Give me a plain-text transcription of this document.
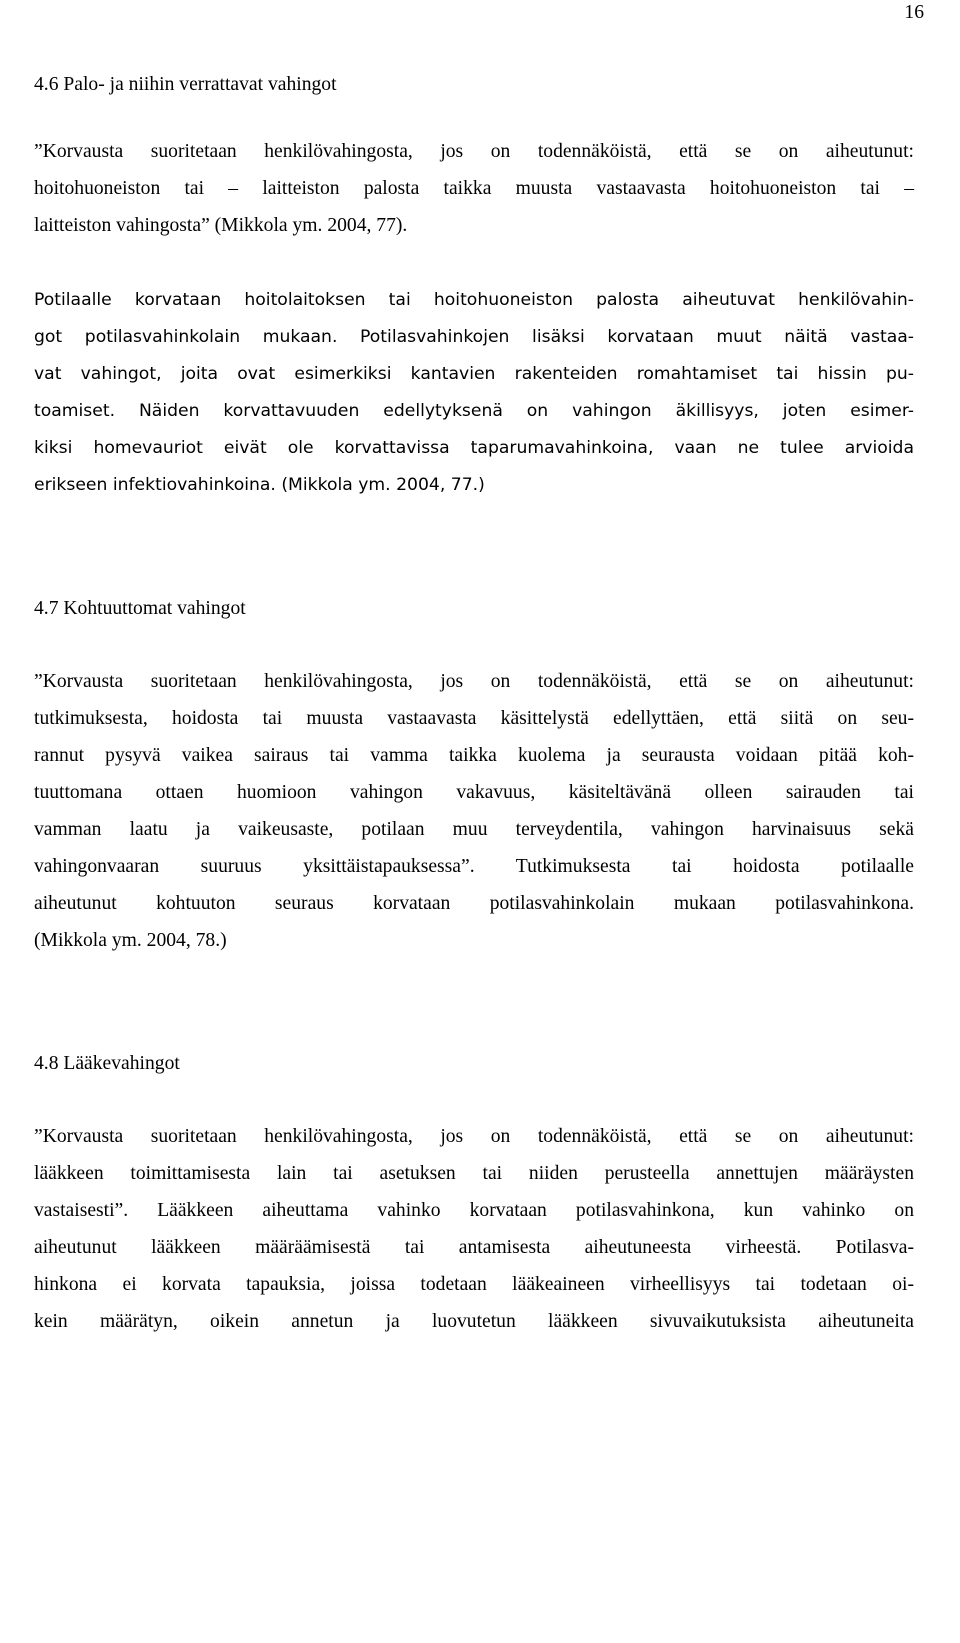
16
4.6 Palo- ja niihin verrattavat vahingot
”Korvausta suoritetaan henkilövahingosta, jos on todennäköistä, että se on aiheutunut:
hoitohuoneiston tai – laitteiston palosta taikka muusta vastaavasta hoitohuoneiston tai –
laitteiston vahingosta” (Mikkola ym. 2004, 77).
Potilaalle korvataan hoitolaitoksen tai hoitohuoneiston palosta aiheutuvat henkilövahin-
got potilasvahinkolain mukaan. Potilasvahinkojen lisäksi korvataan muut näitä vastaa-
vat vahingot, joita ovat esimerkiksi kantavien rakenteiden romahtamiset tai hissin pu-
toamiset. Näiden korvattavuuden edellytyksenä on vahingon äkillisyys, joten esimer-
kiksi homevauriot eivät ole korvattavissa taparumavahinkoina, vaan ne tulee arvioida
erikseen infektiovahinkoina. (Mikkola ym. 2004, 77.)
4.7 Kohtuuttomat vahingot
”Korvausta suoritetaan henkilövahingosta, jos on todennäköistä, että se on aiheutunut:
tutkimuksesta, hoidosta tai muusta vastaavasta käsittelystä edellyttäen, että siitä on seu-
rannut pysyvä vaikea sairaus tai vamma taikka kuolema ja seurausta voidaan pitää koh-
tuuttomana ottaen huomioon vahingon vakavuus, käsiteltävänä olleen sairauden tai
vamman laatu ja vaikeusaste, potilaan muu terveydentila, vahingon harvinaisuus sekä
vahingonvaaran suuruus yksittäistapauksessa”. Tutkimuksesta tai hoidosta potilaalle
aiheutunut kohtuuton seuraus korvataan potilasvahinkolain mukaan potilasvahinkona.
(Mikkola ym. 2004, 78.)
4.8 Lääkevahingot
”Korvausta suoritetaan henkilövahingosta, jos on todennäköistä, että se on aiheutunut:
lääkkeen toimittamisesta lain tai asetuksen tai niiden perusteella annettujen määräysten
vastaisesti”. Lääkkeen aiheuttama vahinko korvataan potilasvahinkona, kun vahinko on
aiheutunut lääkkeen määräämisestä tai antamisesta aiheutuneesta virheestä. Potilasva-
hinkona ei korvata tapauksia, joissa todetaan lääkeaineen virheellisyys tai todetaan oi-
kein määrätyn, oikein annetun ja luovutetun lääkkeen sivuvaikutuksista aiheutuneita
